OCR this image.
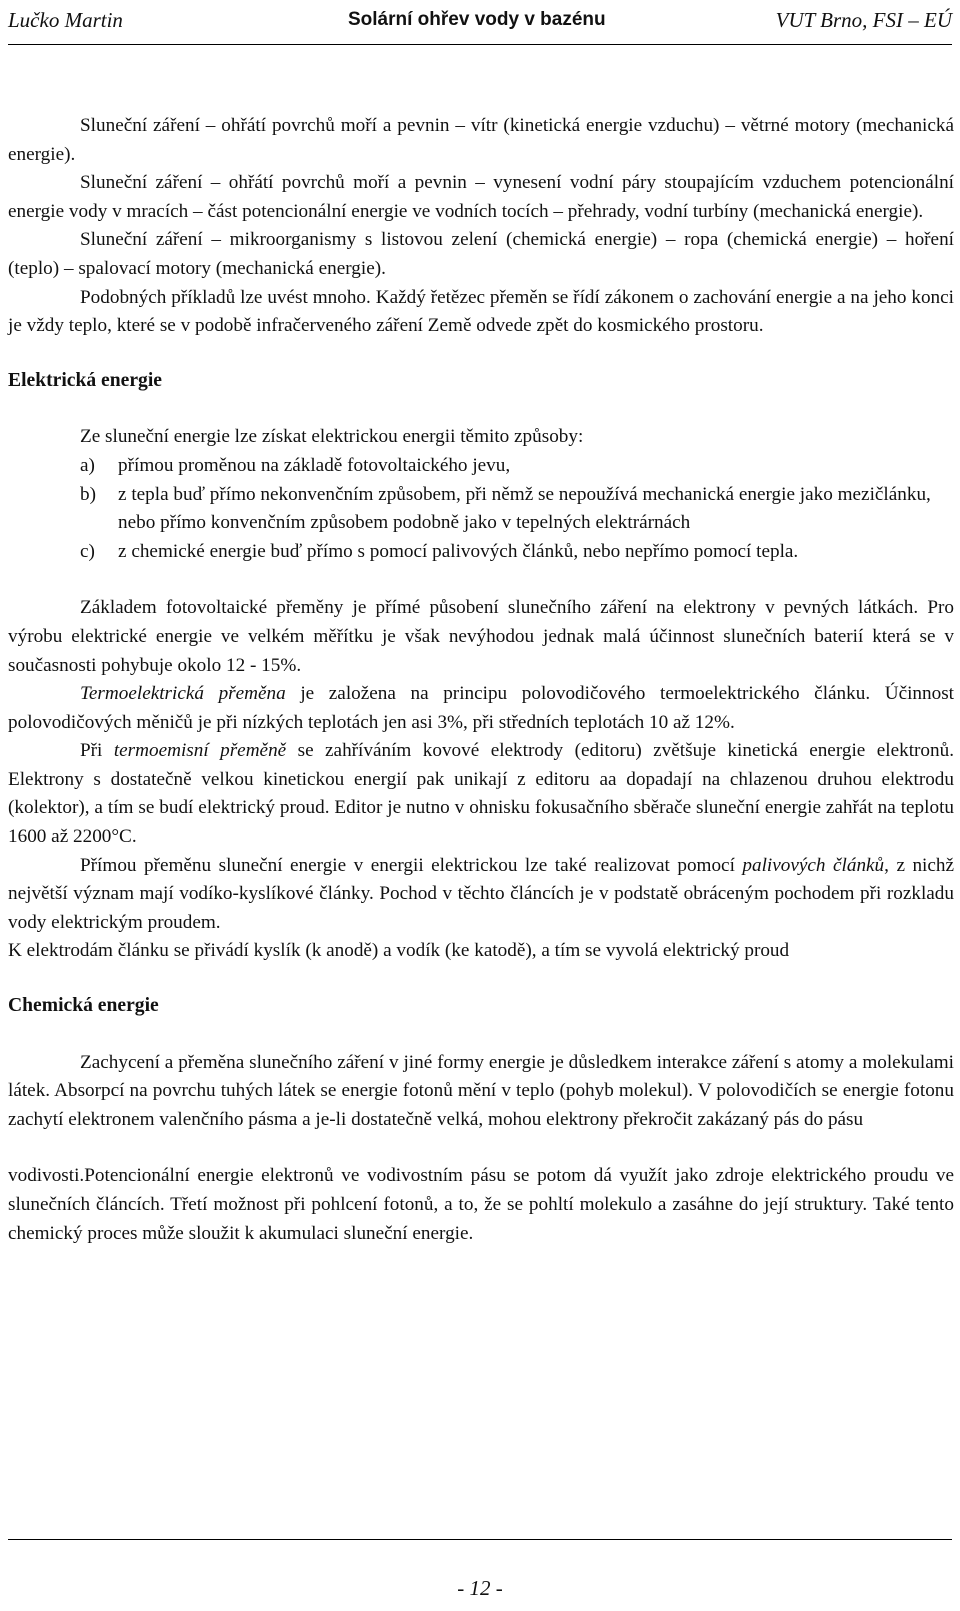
Lučko Martin	Solární ohřev vody v bazénu	VUT Brno, FSI – EÚ

Sluneční záření – ohřátí povrchů moří a pevnin – vítr (kinetická energie vzduchu) – větrné motory (mechanická energie).

Sluneční záření – ohřátí povrchů moří a pevnin – vynesení vodní páry stoupajícím vzduchem potencionální energie vody v mracích – část potencionální energie ve vodních tocích – přehrady, vodní turbíny (mechanická energie).

Sluneční záření – mikroorganismy s listovou zelení (chemická energie) – ropa (chemická energie) – hoření (teplo) – spalovací motory (mechanická energie).

Podobných příkladů lze uvést mnoho. Každý řetězec přeměn se řídí zákonem o zachování energie a na jeho konci je vždy teplo, které se v podobě infračerveného záření Země odvede zpět do kosmického prostoru.

Elektrická energie

Ze sluneční energie lze získat elektrickou energii těmito způsoby:

a) přímou proměnou na základě fotovoltaického jevu,
b) z tepla buď přímo nekonvenčním způsobem, při němž se nepoužívá mechanická energie jako mezičlánku, nebo přímo konvenčním způsobem podobně jako v tepelných elektrárnách
c) z chemické energie buď přímo s pomocí palivových článků, nebo nepřímo pomocí tepla.

Základem fotovoltaické přeměny je přímé působení slunečního záření na elektrony v pevných látkách. Pro výrobu elektrické energie ve velkém měřítku je však nevýhodou jednak malá účinnost slunečních baterií která se v současnosti pohybuje okolo 12 - 15%.

Termoelektrická přeměna je založena na principu polovodičového termoelektrického článku. Účinnost polovodičových měničů je při nízkých teplotách jen asi 3%, při středních teplotách 10 až 12%.

Při termoemisní přeměně se zahříváním kovové elektrody (editoru) zvětšuje kinetická energie elektronů. Elektrony s dostatečně velkou kinetickou energií pak unikají z editoru aa dopadají na chlazenou druhou elektrodu (kolektor), a tím se budí elektrický proud. Editor je nutno v ohnisku fokusačního sběrače sluneční energie zahřát na teplotu 1600 až 2200°C.

Přímou přeměnu sluneční energie v energii elektrickou lze také realizovat pomocí palivových článků, z nichž největší význam mají vodíko-kyslíkové články. Pochod v těchto článcích je v podstatě obráceným pochodem při rozkladu vody elektrickým proudem.

K elektrodám článku se přivádí kyslík (k anodě) a vodík (ke katodě), a tím se vyvolá elektrický proud

Chemická energie

Zachycení a přeměna slunečního záření v jiné formy energie je důsledkem interakce záření s atomy a molekulami látek. Absorpcí na povrchu tuhých látek se energie fotonů mění v teplo (pohyb molekul). V polovodičích se energie fotonu zachytí elektronem valenčního pásma a je-li dostatečně velká, mohou elektrony překročit zakázaný pás do pásu

vodivosti.Potencionální energie elektronů ve vodivostním pásu se potom dá využít jako zdroje elektrického proudu ve slunečních článcích. Třetí možnost při pohlcení fotonů, a to, že se pohltí molekulo a zasáhne do její struktury. Také tento chemický proces může sloužit k akumulaci sluneční energie.

- 12 -
